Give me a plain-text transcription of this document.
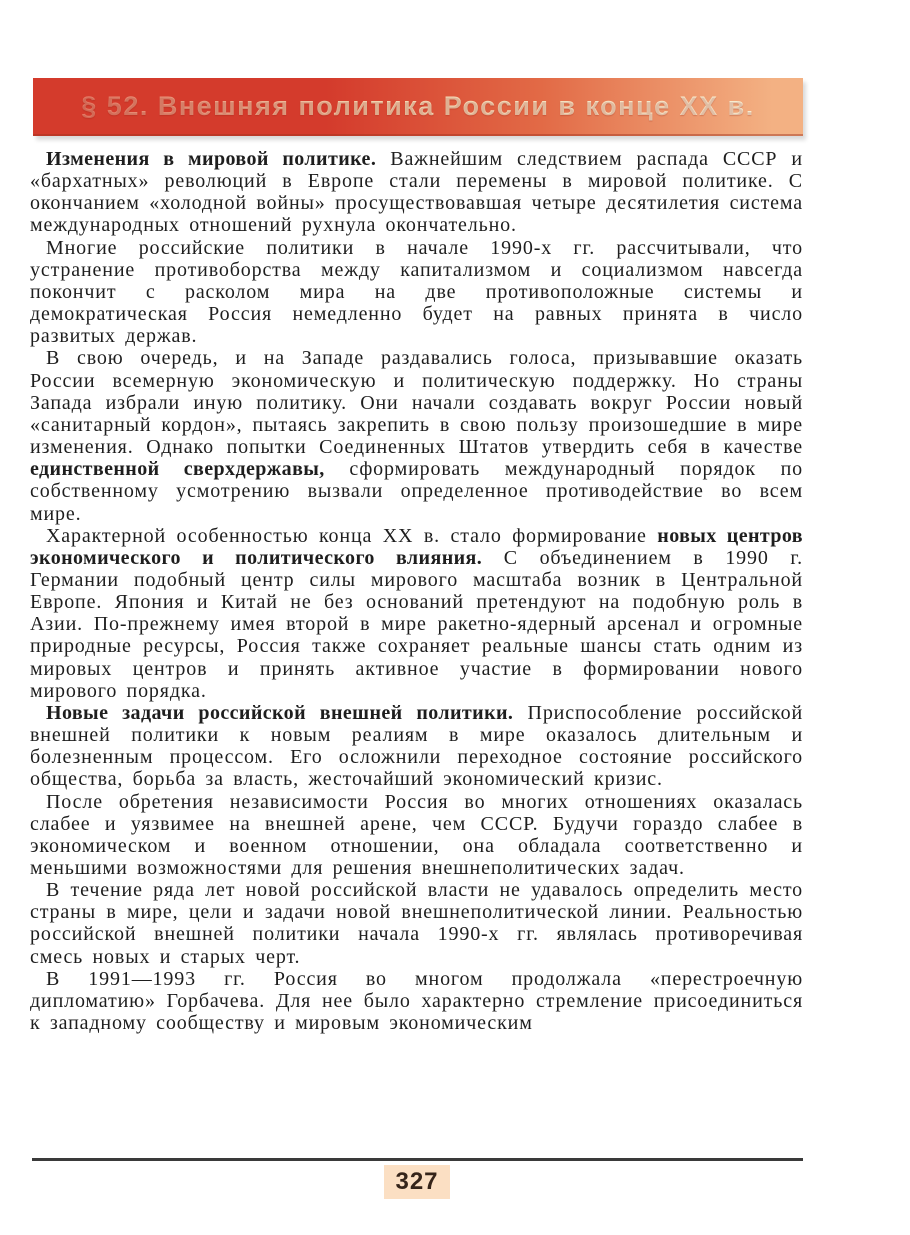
§ 52. Внешняя политика России в конце XX в.

Изменения в мировой политике. Важнейшим следствием распада СССР и «бархатных» революций в Европе стали перемены в мировой политике. С окончанием «холодной войны» просуществовавшая четыре десятилетия система международных отношений рухнула окончательно.

Многие российские политики в начале 1990-х гг. рассчитывали, что устранение противоборства между капитализмом и социализмом навсегда покончит с расколом мира на две противоположные системы и демократическая Россия немедленно будет на равных принята в число развитых держав.

В свою очередь, и на Западе раздавались голоса, призывавшие оказать России всемерную экономическую и политическую поддержку. Но страны Запада избрали иную политику. Они начали создавать вокруг России новый «санитарный кордон», пытаясь закрепить в свою пользу произошедшие в мире изменения. Однако попытки Соединенных Штатов утвердить себя в качестве единственной сверхдержавы, сформировать международный порядок по собственному усмотрению вызвали определенное противодействие во всем мире.

Характерной особенностью конца XX в. стало формирование новых центров экономического и политического влияния. С объединением в 1990 г. Германии подобный центр силы мирового масштаба возник в Центральной Европе. Япония и Китай не без оснований претендуют на подобную роль в Азии. По-прежнему имея второй в мире ракетно-ядерный арсенал и огромные природные ресурсы, Россия также сохраняет реальные шансы стать одним из мировых центров и принять активное участие в формировании нового мирового порядка.

Новые задачи российской внешней политики. Приспособление российской внешней политики к новым реалиям в мире оказалось длительным и болезненным процессом. Его осложнили переходное состояние российского общества, борьба за власть, жесточайший экономический кризис.

После обретения независимости Россия во многих отношениях оказалась слабее и уязвимее на внешней арене, чем СССР. Будучи гораздо слабее в экономическом и военном отношении, она обладала соответственно и меньшими возможностями для решения внешнеполитических задач.

В течение ряда лет новой российской власти не удавалось определить место страны в мире, цели и задачи новой внешнеполитической линии. Реальностью российской внешней политики начала 1990-х гг. являлась противоречивая смесь новых и старых черт.

В 1991—1993 гг. Россия во многом продолжала «перестроечную дипломатию» Горбачева. Для нее было характерно стремление присоединиться к западному сообществу и мировым экономическим

327
